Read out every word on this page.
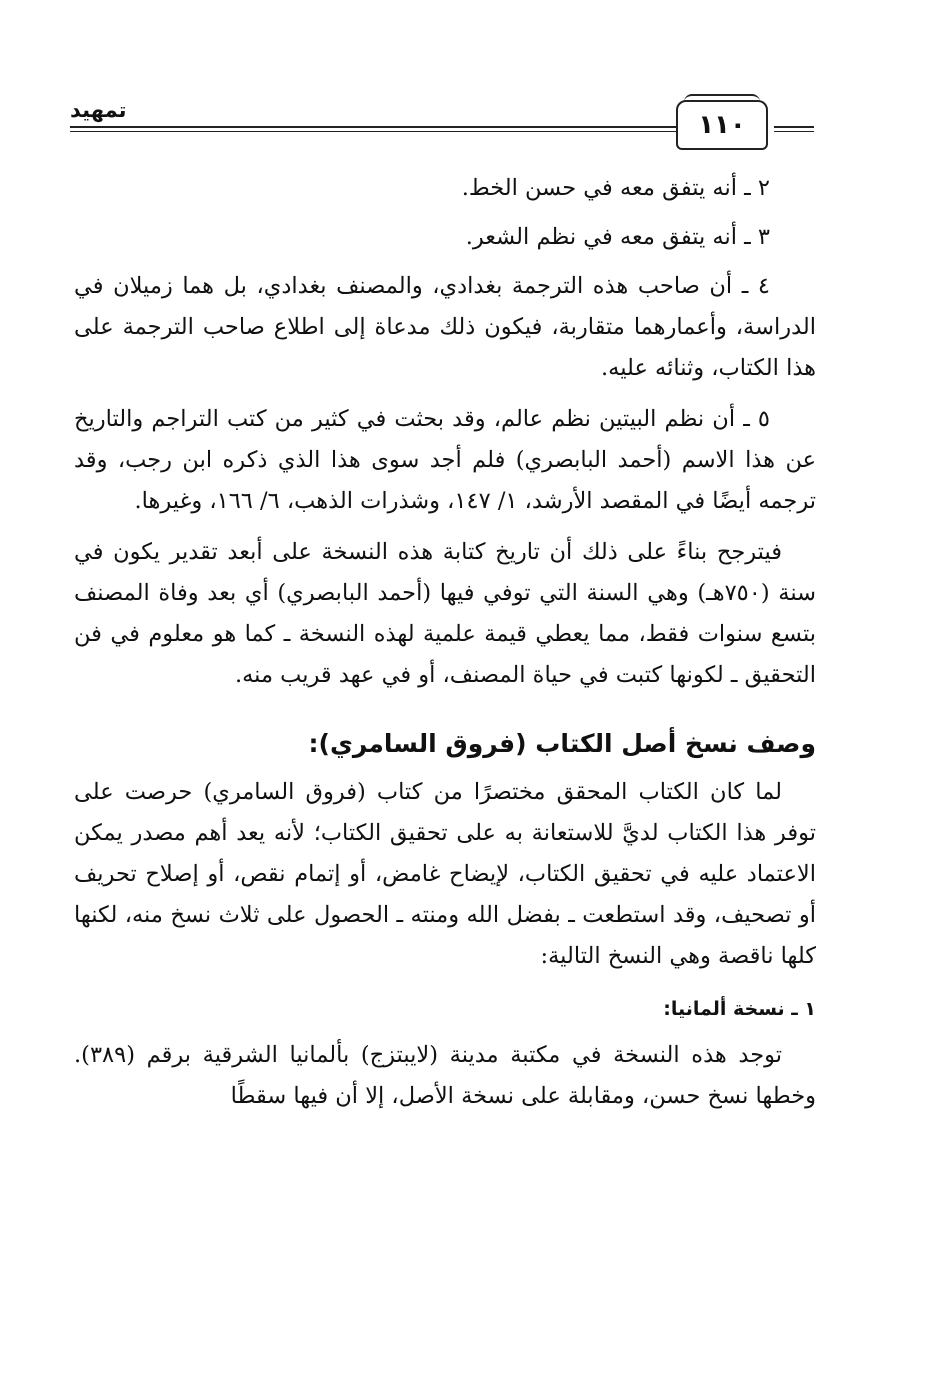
تمهيد	١١٠

٢ ـ أنه يتفق معه في حسن الخط.

٣ ـ أنه يتفق معه في نظم الشعر.

٤ ـ أن صاحب هذه الترجمة بغدادي، والمصنف بغدادي، بل هما زميلان في الدراسة، وأعمارهما متقاربة، فيكون ذلك مدعاة إلى اطلاع صاحب الترجمة على هذا الكتاب، وثنائه عليه.

٥ ـ أن نظم البيتين نظم عالم، وقد بحثت في كثير من كتب التراجم والتاريخ عن هذا الاسم (أحمد البابصري) فلم أجد سوى هذا الذي ذكره ابن رجب، وقد ترجمه أيضًا في المقصد الأرشد، ١/ ١٤٧، وشذرات الذهب، ٦/ ١٦٦، وغيرها.

فيترجح بناءً على ذلك أن تاريخ كتابة هذه النسخة على أبعد تقدير يكون في سنة (٧٥٠هـ) وهي السنة التي توفي فيها (أحمد البابصري) أي بعد وفاة المصنف بتسع سنوات فقط، مما يعطي قيمة علمية لهذه النسخة ـ كما هو معلوم في فن التحقيق ـ لكونها كتبت في حياة المصنف، أو في عهد قريب منه.

وصف نسخ أصل الكتاب (فروق السامري):

لما كان الكتاب المحقق مختصرًا من كتاب (فروق السامري) حرصت على توفر هذا الكتاب لديَّ للاستعانة به على تحقيق الكتاب؛ لأنه يعد أهم مصدر يمكن الاعتماد عليه في تحقيق الكتاب، لإيضاح غامض، أو إتمام نقص، أو إصلاح تحريف أو تصحيف، وقد استطعت ـ بفضل الله ومنته ـ الحصول على ثلاث نسخ منه، لكنها كلها ناقصة وهي النسخ التالية:

١ ـ نسخة ألمانيا:

توجد هذه النسخة في مكتبة مدينة (لايبتزج) بألمانيا الشرقية برقم (٣٨٩). وخطها نسخ حسن، ومقابلة على نسخة الأصل، إلا أن فيها سقطًا
